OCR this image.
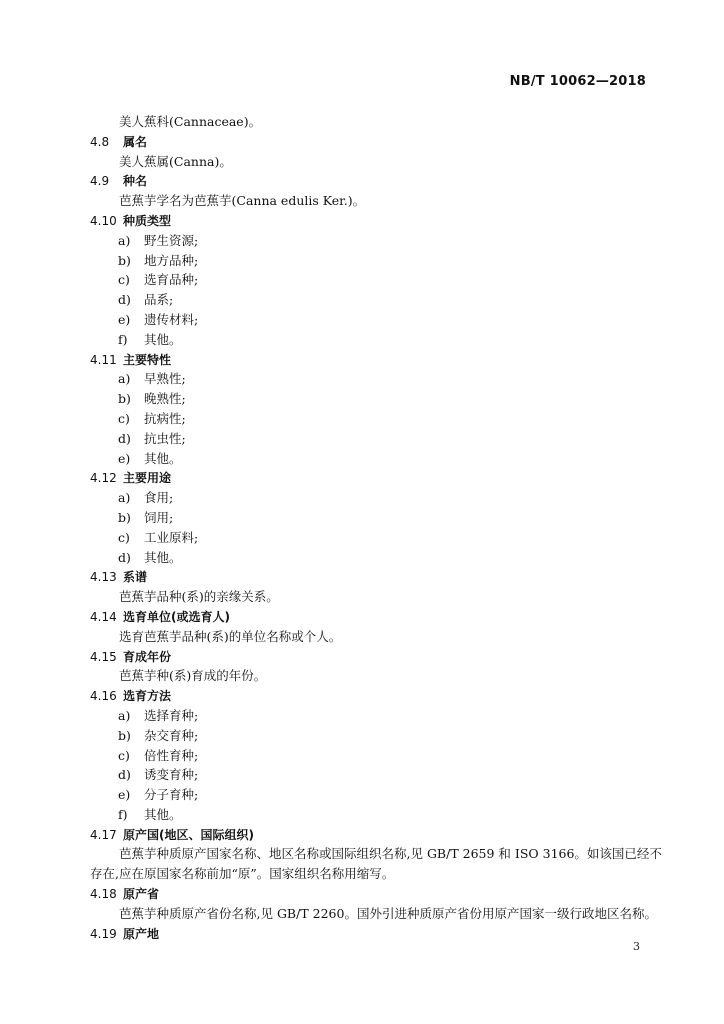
NB/T 10062—2018
美人蕉科(Cannaceae)。
4.8 属名
美人蕉属(Canna)。
4.9 种名
芭蕉芋学名为芭蕉芋(Canna edulis Ker.)。
4.10 种质类型
a) 野生资源;
b) 地方品种;
c) 选育品种;
d) 品系;
e) 遗传材料;
f) 其他。
4.11 主要特性
a) 早熟性;
b) 晚熟性;
c) 抗病性;
d) 抗虫性;
e) 其他。
4.12 主要用途
a) 食用;
b) 饲用;
c) 工业原料;
d) 其他。
4.13 系谱
芭蕉芋品种(系)的亲缘关系。
4.14 选育单位(或选育人)
选育芭蕉芋品种(系)的单位名称或个人。
4.15 育成年份
芭蕉芋种(系)育成的年份。
4.16 选育方法
a) 选择育种;
b) 杂交育种;
c) 倍性育种;
d) 诱变育种;
e) 分子育种;
f) 其他。
4.17 原产国(地区、国际组织)
芭蕉芋种质原产国家名称、地区名称或国际组织名称,见 GB/T 2659 和 ISO 3166。如该国已经不
存在,应在原国家名称前加“原”。国家组织名称用缩写。
4.18 原产省
芭蕉芋种质原产省份名称,见 GB/T 2260。国外引进种质原产省份用原产国家一级行政地区名称。
4.19 原产地
3
